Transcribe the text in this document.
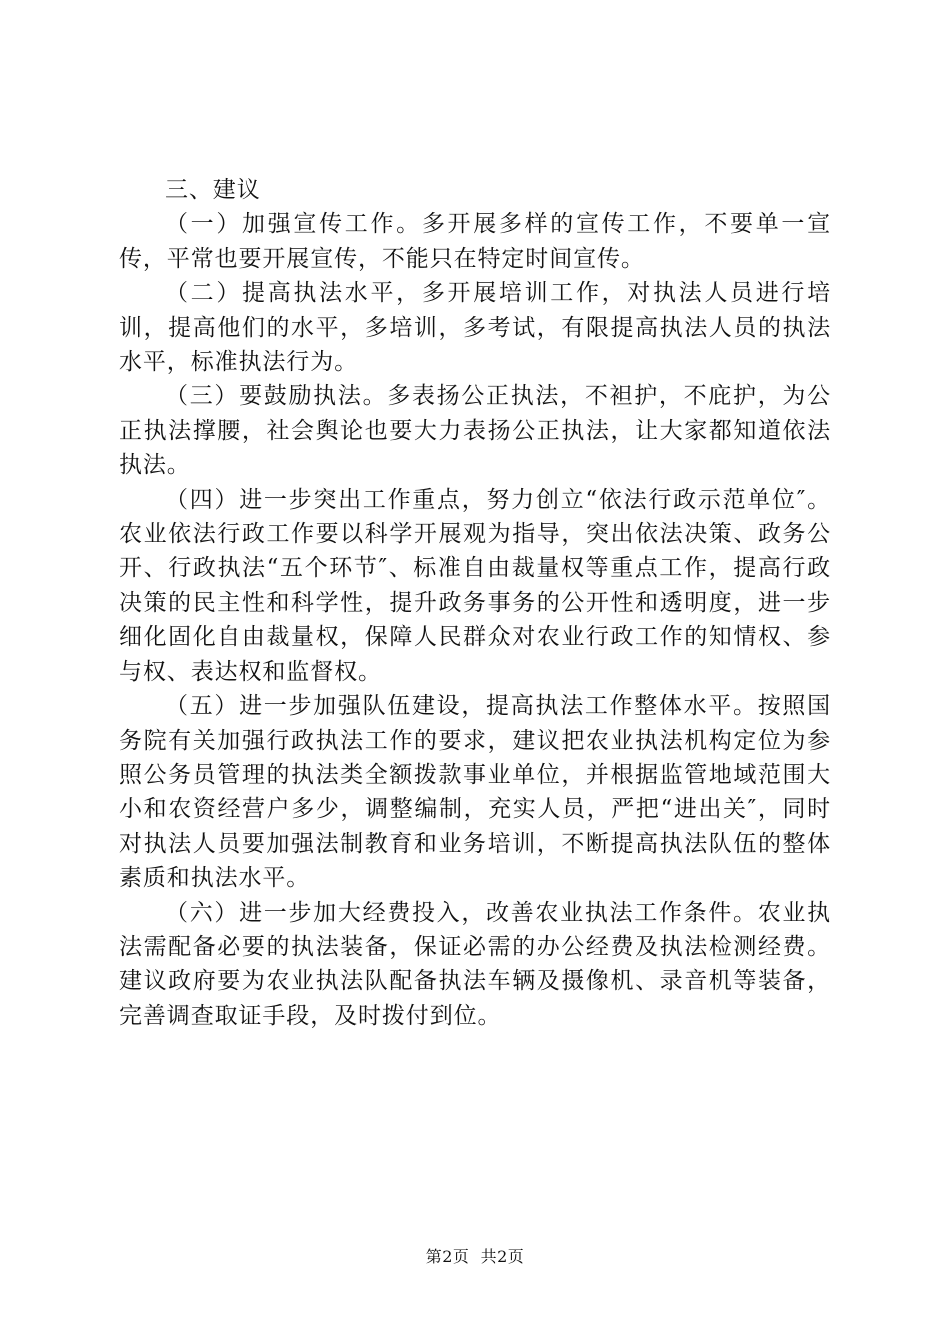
三、建议

（一）加强宣传工作。多开展多样的宣传工作，不要单一宣传，平常也要开展宣传，不能只在特定时间宣传。

（二）提高执法水平，多开展培训工作，对执法人员进行培训，提高他们的水平，多培训，多考试，有限提高执法人员的执法水平，标准执法行为。

（三）要鼓励执法。多表扬公正执法，不袒护，不庇护，为公正执法撑腰，社会舆论也要大力表扬公正执法，让大家都知道依法执法。

（四）进一步突出工作重点，努力创立“依法行政示范单位″。农业依法行政工作要以科学开展观为指导，突出依法决策、政务公开、行政执法“五个环节″、标准自由裁量权等重点工作，提高行政决策的民主性和科学性，提升政务事务的公开性和透明度，进一步细化固化自由裁量权，保障人民群众对农业行政工作的知情权、参与权、表达权和监督权。

（五）进一步加强队伍建设，提高执法工作整体水平。按照国务院有关加强行政执法工作的要求，建议把农业执法机构定位为参照公务员管理的执法类全额拨款事业单位，并根据监管地域范围大小和农资经营户多少，调整编制，充实人员，严把“进出关″，同时对执法人员要加强法制教育和业务培训，不断提高执法队伍的整体素质和执法水平。

（六）进一步加大经费投入，改善农业执法工作条件。农业执法需配备必要的执法装备，保证必需的办公经费及执法检测经费。建议政府要为农业执法队配备执法车辆及摄像机、录音机等装备，完善调查取证手段，及时拨付到位。

第2页 共2页
